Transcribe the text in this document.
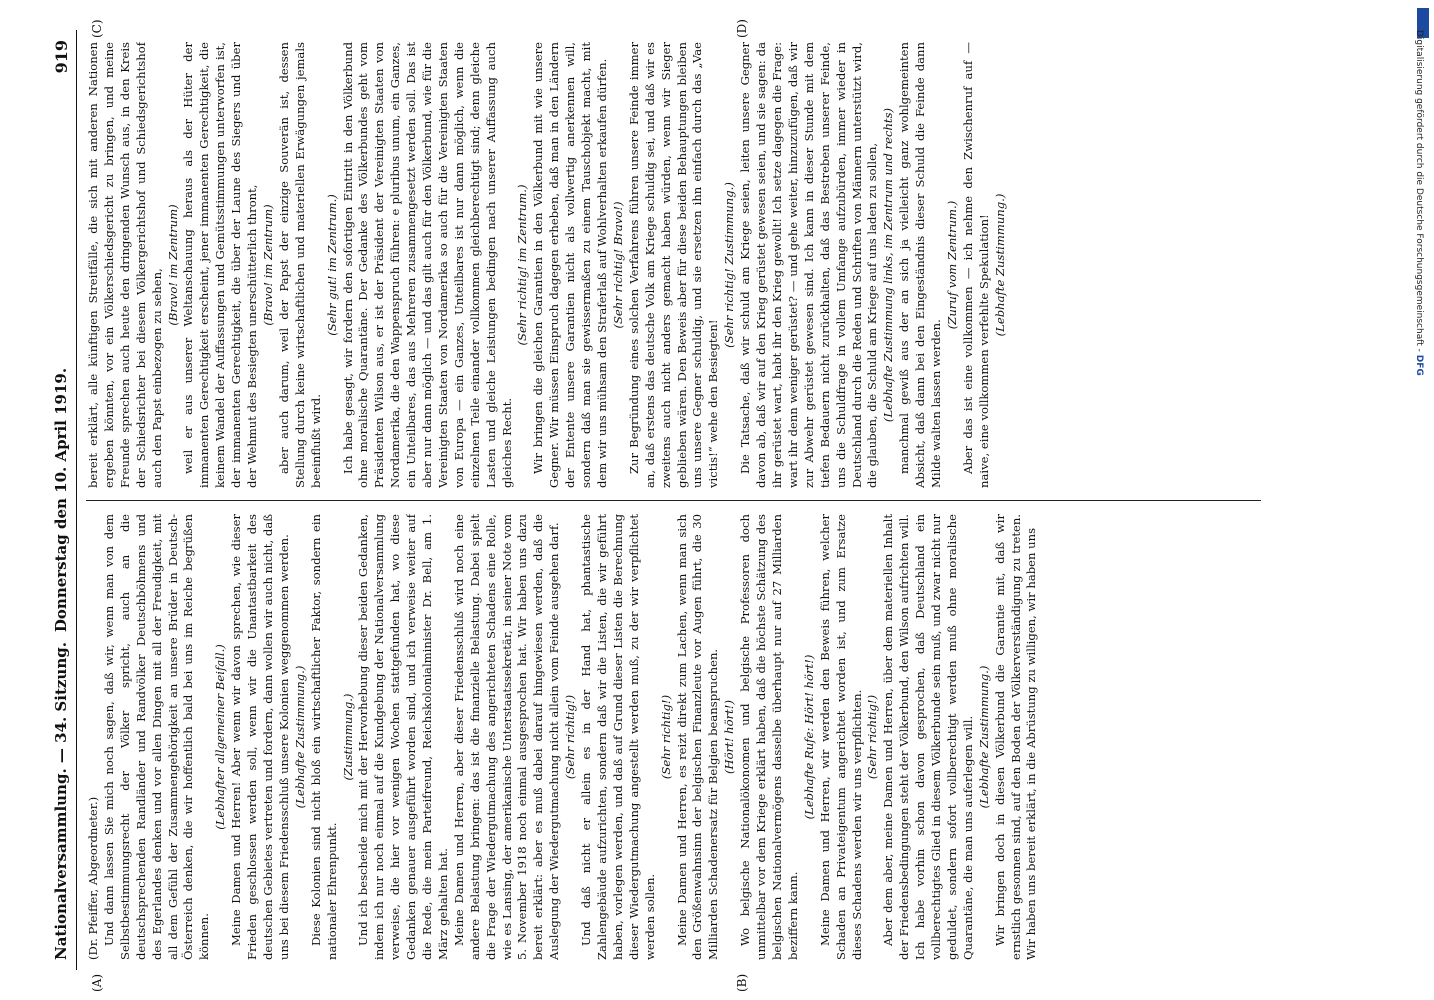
Nationalversammlung. — 34. Sitzung.
Donnerstag den 10. April 1919.
919

(Dr. Pfeiffer, Abgeordneter.) Und dann lassen Sie mich noch sagen, daß wir, wenn man von dem Selbstbestimmungsrecht der Völker spricht, auch an die deutschsprechenden Randländer und Randvölker Deutschböhmens und des Egerlandes denken und vor allen Dingen mit all der Freudigkeit, mit all dem Gefühl der Zusammengehörigkeit an unsere Brüder in Deutsch-Österreich denken, die wir hoffentlich bald bei uns im Reiche begrüßen können.

(Lebhafter allgemeiner Beifall.) Meine Damen und Herren! Aber wenn wir davon sprechen, wie dieser Frieden geschlossen werden soll, wenn wir die Unantastbarkeit des deutschen Gebietes vertreten und fordern, dann wollen wir auch nicht, daß uns bei diesem Friedensschluß unsere Kolonien weggenommen werden. (Lebhafte Zustimmung.) Diese Kolonien sind nicht bloß ein wirtschaftlicher Faktor, sondern ein nationaler Ehrenpunkt.

(Zustimmung.) Und ich bescheide mich mit der Hervorhebung dieser beiden Gedanken, indem ich nur noch einmal auf die Kundgebung der Nationalversammlung verweise, die hier vor wenigen Wochen stattgefunden hat, wo diese Gedanken genauer ausgeführt worden sind, und ich verweise weiter auf die Rede, die mein Parteifreund, Reichskolonialminister Dr. Bell, am 1. März gehalten hat. Meine Damen und Herren, aber dieser Friedensschluß wird noch eine andere Belastung bringen: das ist die finanzielle Belastung. Dabei spielt die Frage der Wiedergutmachung des angerichteten Schadens eine Rolle, wie es Lansing, der amerikanische Unterstaatssekretär, in seiner Note vom 5. November 1918 noch einmal ausgesprochen hat. Wir haben uns dazu bereit erklärt: aber es muß dabei darauf hingewiesen werden, daß die Auslegung der Wiedergutmachung nicht allein vom Feinde ausgehen darf. (Sehr richtig!) Und daß nicht er allein es in der Hand hat, phantastische Zahlengebäude aufzurichten, sondern daß wir die Listen, die wir geführt haben, vorlegen werden, und daß auf Grund dieser Listen die Berechnung dieser Wiedergutmachung angestellt werden muß, zu der wir verpflichtet werden sollen.

(Sehr richtig!) Meine Damen und Herren, es reizt direkt zum Lachen, wenn man sich den Größenwahnsinn der belgischen Finanzleute vor Augen führt, die 30 Milliarden Schadenersatz für Belgien beanspruchen. (Hört! hört!) Wo belgische Nationalökonomen und belgische Professoren doch unmittelbar vor dem Kriege erklärt haben, daß die höchste Schätzung des belgischen Nationalvermögens dasselbe überhaupt nur auf 27 Milliarden beziffern kann.

(Lebhafte Rufe: Hört! hört!) Meine Damen und Herren, wir werden den Beweis führen, welcher Schaden an Privateigentum angerichtet worden ist, und zum Ersatze dieses Schadens werden wir uns verpflichten. (Sehr richtig!) Aber dem aber, meine Damen und Herren, über dem materiellen Inhalt der Friedensbedingungen steht der Völkerbund, den Wilson aufrichten will. Ich habe vorhin schon davon gesprochen, daß Deutschland ein vollberechtigtes Glied in diesem Völkerbunde sein muß, und zwar nicht nur geduldet, sondern sofort vollberechtigt werden muß ohne moralische Quarantäne, die man uns auferlegen will. (Lebhafte Zustimmung.) Wir bringen doch in diesen Völkerbund die Garantie mit, daß wir ernstlich gesonnen sind, auf den Boden der Völkerverständigung zu treten. Wir haben uns bereit erklärt, in die Abrüstung zu willigen, wir haben uns

bereit erklärt, alle künftigen Streitfälle, die sich mit anderen Nationen ergeben könnten, vor ein Völkerschiedsgericht zu bringen, und meine Freunde sprechen auch heute den dringenden Wunsch aus, in den Kreis der Schiedsrichter bei diesem Völkergerichtshof und Schiedsgerichtshof auch den Papst einbezogen zu sehen,

(Bravo! im Zentrum) weil er aus unserer Weltanschauung heraus als der Hüter der immanenten Gerechtigkeit erscheint, jener immanenten Gerechtigkeit, die keinem Wandel der Auffassungen und Gemütsstimmungen unterworfen ist, der immanenten Gerechtigkeit, die über der Laune des Siegers und über der Wehmut des Besiegten unerschütterlich thront, (Bravo! im Zentrum) aber auch darum, weil der Papst der einzige Souverän ist, dessen Stellung durch keine wirtschaftlichen und materiellen Erwägungen jemals beeinflußt wird.

(Sehr gut! im Zentrum.) Ich habe gesagt, wir fordern den sofortigen Eintritt in den Völkerbund ohne moralische Quarantäne. Der Gedanke des Völkerbundes geht vom Präsidenten Wilson aus, er ist der Präsident der Vereinigten Staaten von Nordamerika, die den Wappenspruch führen: e pluribus unum, ein Ganzes, ein Unteilbares, das aus Mehreren zusammengesetzt werden soll. Das ist aber nur dann möglich — und das gilt auch für den Völkerbund, wie für die Vereinigten Staaten von Nordamerika so auch für die Vereinigten Staaten von Europa — ein Ganzes, Unteilbares ist nur dann möglich, wenn die einzelnen Teile einander vollkommen gleichberechtigt sind; denn gleiche Lasten und gleiche Leistungen bedingen nach unserer Auffassung auch gleiches Recht.

(Sehr richtig! im Zentrum.) Wir bringen die gleichen Garantien in den Völkerbund mit wie unsere Gegner. Wir müssen Einspruch dagegen erheben, daß man in den Ländern der Entente unsere Garantien nicht als vollwertig anerkennen will, sondern daß man sie gewissermaßen zu einem Tauschobjekt macht, mit dem wir uns mühsam den Straferlaß auf Wohlverhalten erkaufen dürfen. (Sehr richtig! Bravo!) Zur Begründung eines solchen Verfahrens führen unsere Feinde immer an, daß erstens das deutsche Volk am Kriege schuldig sei, und daß wir es zweitens auch nicht anders gemacht haben würden, wenn wir Sieger geblieben wären. Den Beweis aber für diese beiden Behauptungen bleiben uns unsere Gegner schuldig, und sie ersetzen ihn einfach durch das „Vae victis!“ wehe den Besiegten!

(Sehr richtig! Zustimmung.) Die Tatsache, daß wir schuld am Kriege seien, leiten unsere Gegner davon ab, daß wir auf den Krieg gerüstet gewesen seien, und sie sagen: da ihr gerüstet wart, habt ihr den Krieg gewollt! Ich setze dagegen die Frage: wart ihr denn weniger gerüstet? — und gehe weiter, hinzuzufügen, daß wir zur Abwehr gerüstet gewesen sind. Ich kann in dieser Stunde mit dem tiefen Bedauern nicht zurückhalten, daß das Bestreben unserer Feinde, uns die Schuldfrage in vollem Umfange aufzubürden, immer wieder in Deutschland durch die Reden und Schriften von Männern unterstützt wird, die glauben, die Schuld am Kriege auf uns laden zu sollen, (Lebhafte Zustimmung links, im Zentrum und rechts) manchmal gewiß aus der an sich ja vielleicht ganz wohlgemeinten Absicht, daß dann bei den Eingeständnis dieser Schuld die Feinde dann Milde walten lassen werden.

(Zuruf vom Zentrum.) Aber das ist eine vollkommen — ich nehme den Zwischenruf auf — naive, eine vollkommen verfehlte Spekulation! (Lebhafte Zustimmung.)

(A)	(B)
(C)	(D)
Digitalisierung gefördert durch die Deutsche Forschungsgemeinschaft - DFG
